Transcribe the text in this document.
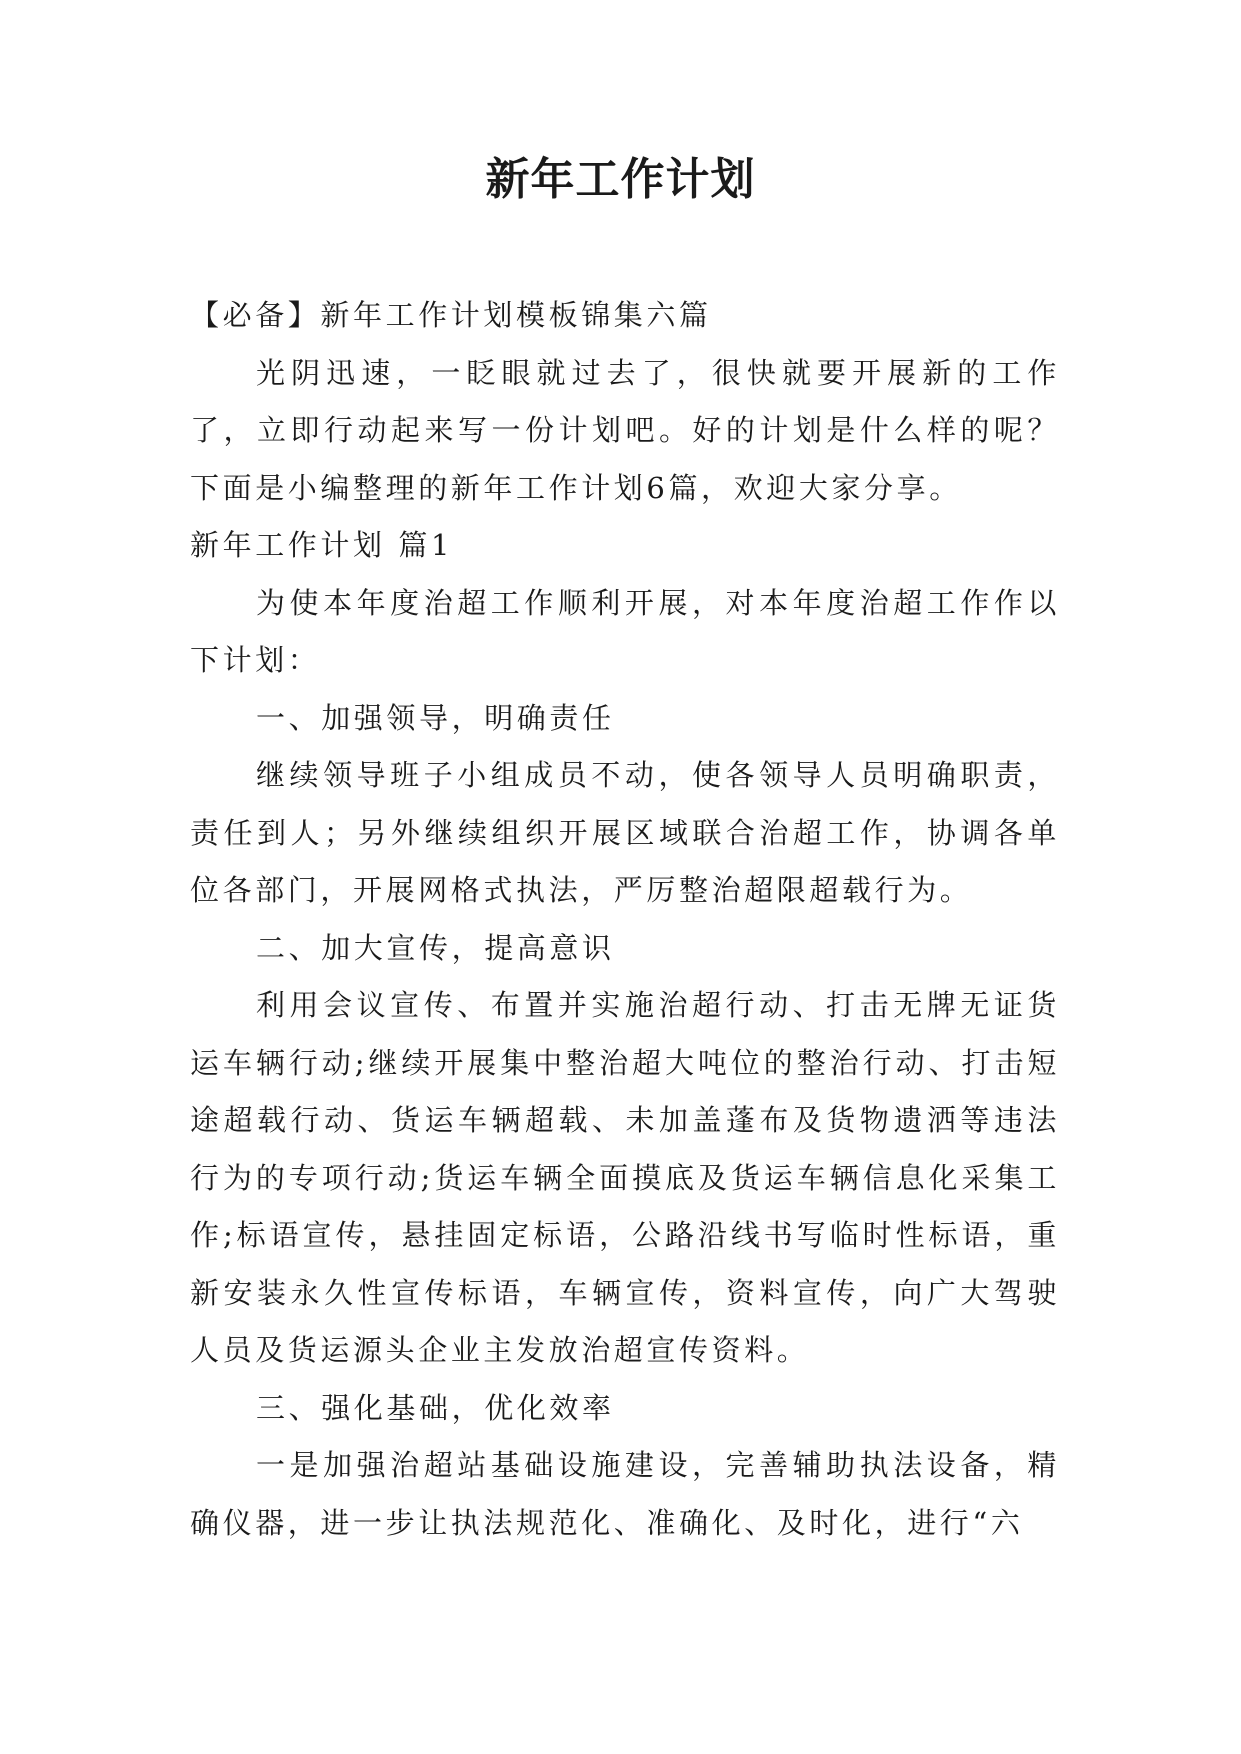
新年工作计划

【必备】新年工作计划模板锦集六篇

光阴迅速，一眨眼就过去了，很快就要开展新的工作了，立即行动起来写一份计划吧。好的计划是什么样的呢？下面是小编整理的新年工作计划6篇，欢迎大家分享。

新年工作计划 篇1

为使本年度治超工作顺利开展，对本年度治超工作作以下计划：

一、加强领导，明确责任

继续领导班子小组成员不动，使各领导人员明确职责，责任到人；另外继续组织开展区域联合治超工作，协调各单位各部门，开展网格式执法，严厉整治超限超载行为。

二、加大宣传，提高意识

利用会议宣传、布置并实施治超行动、打击无牌无证货运车辆行动;继续开展集中整治超大吨位的整治行动、打击短途超载行动、货运车辆超载、未加盖蓬布及货物遗洒等违法行为的专项行动;货运车辆全面摸底及货运车辆信息化采集工作;标语宣传，悬挂固定标语，公路沿线书写临时性标语，重新安装永久性宣传标语，车辆宣传，资料宣传，向广大驾驶人员及货运源头企业主发放治超宣传资料。

三、强化基础，优化效率

一是加强治超站基础设施建设，完善辅助执法设备，精确仪器，进一步让执法规范化、准确化、及时化，进行“六
